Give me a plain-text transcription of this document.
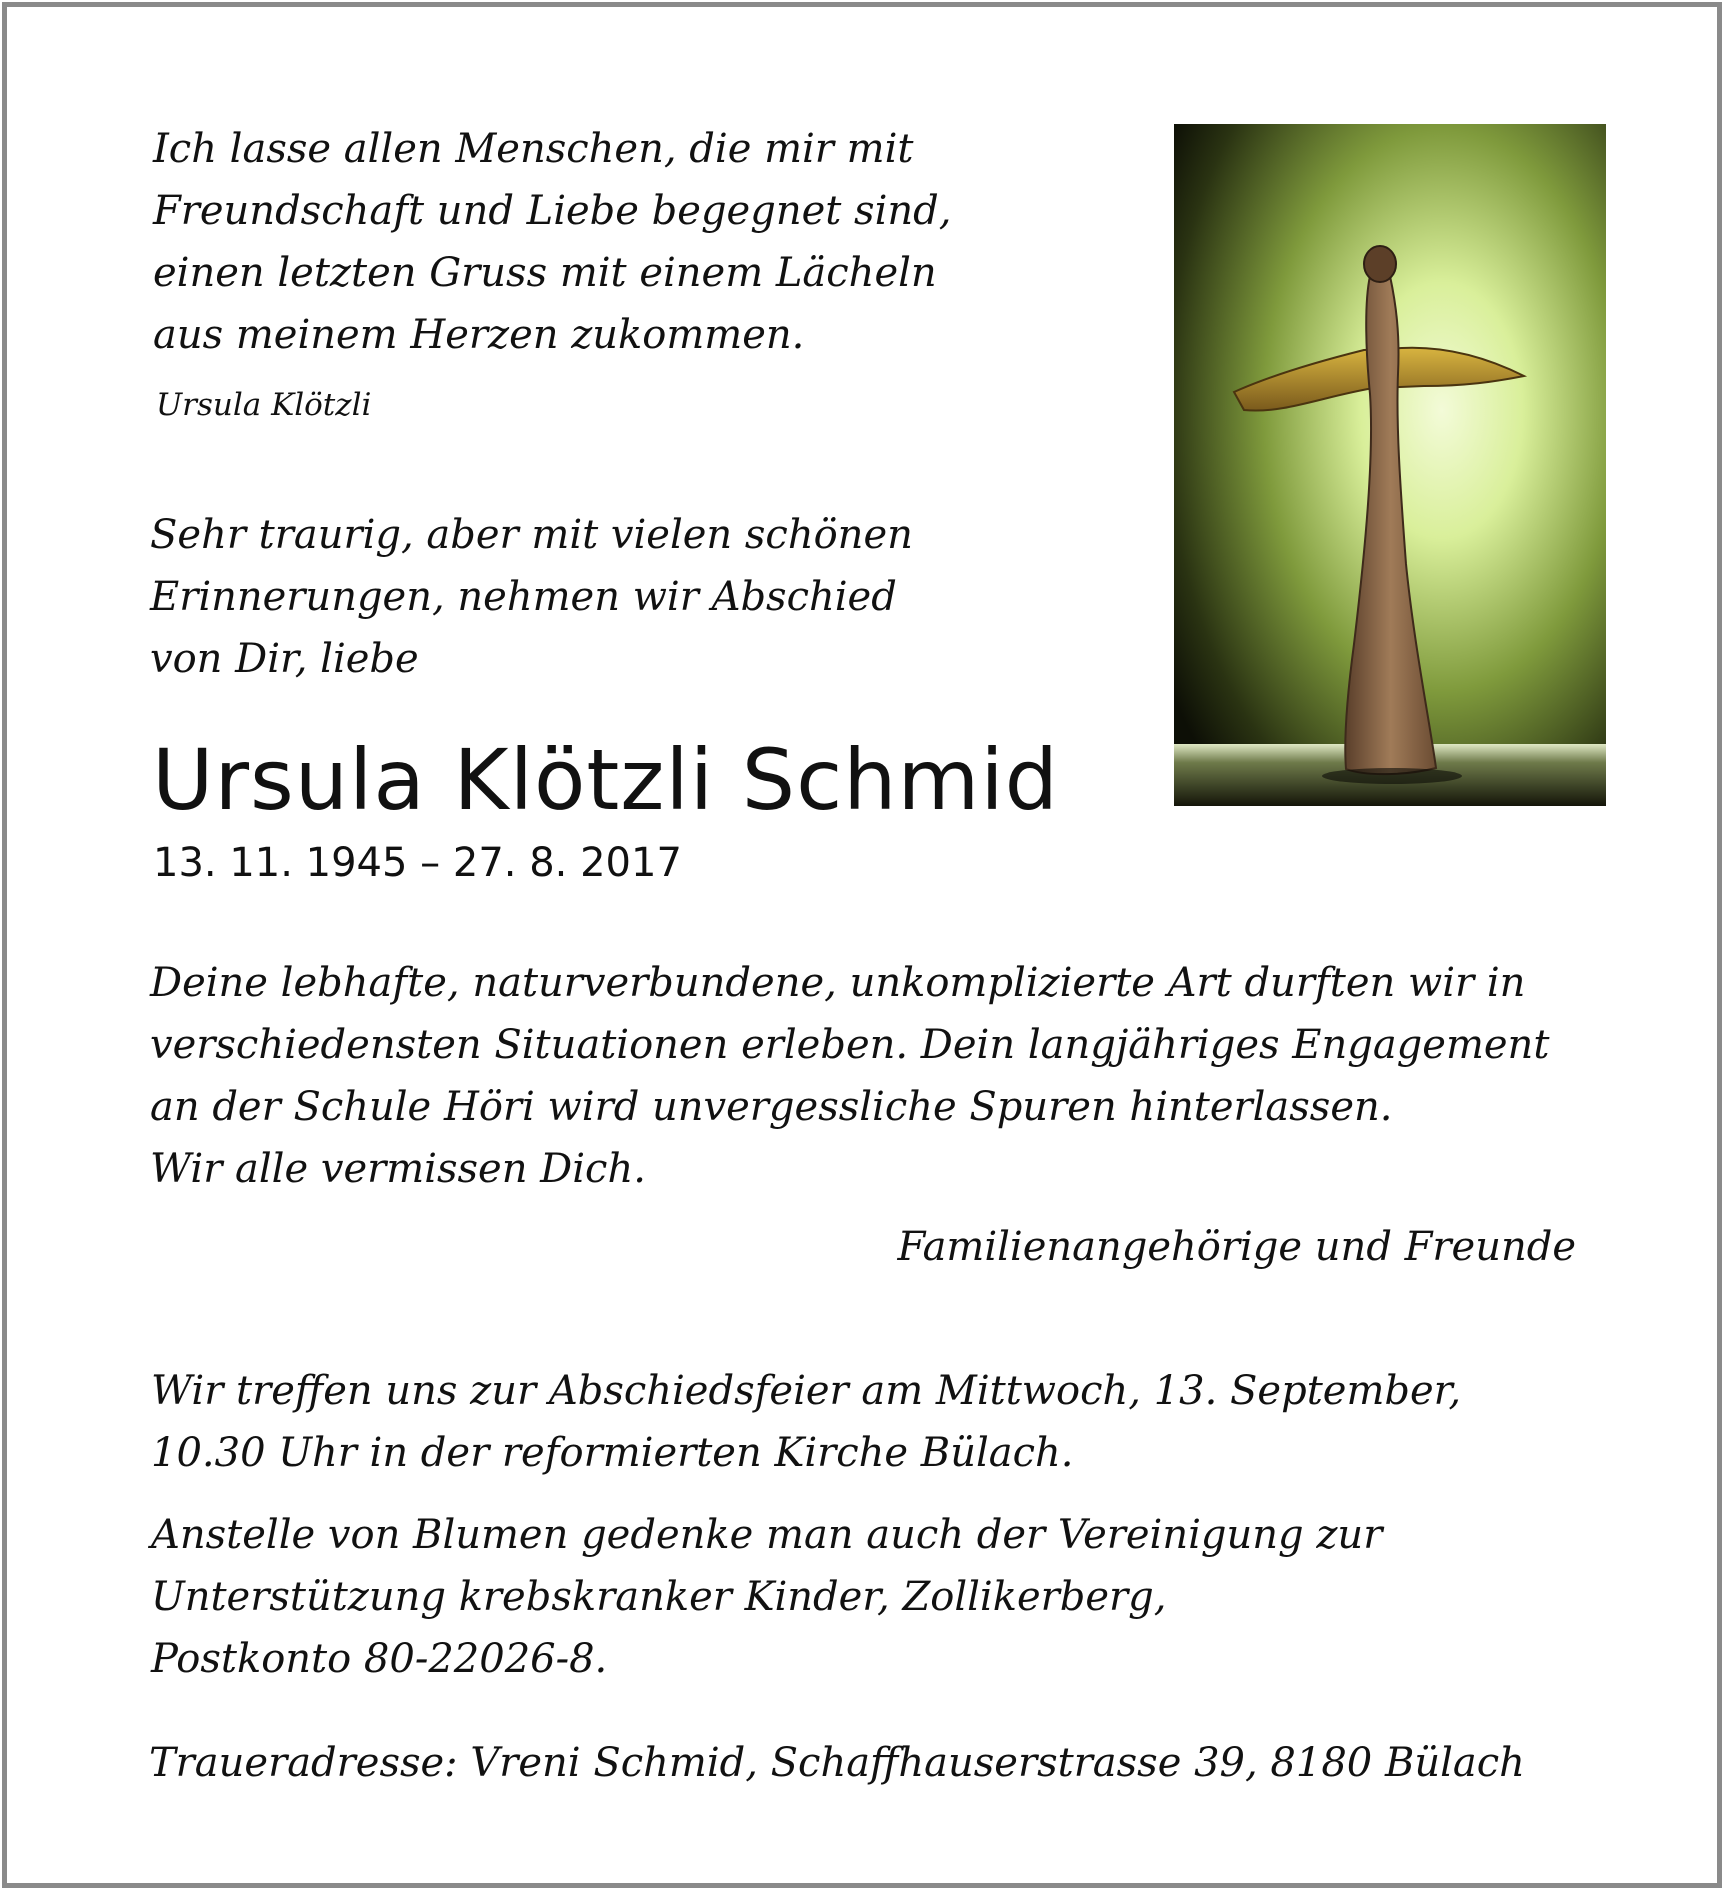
Ich lasse allen Menschen, die mir mit
Freundschaft und Liebe begegnet sind,
einen letzten Gruss mit einem Lächeln
aus meinem Herzen zukommen.
Ursula Klötzli
Sehr traurig, aber mit vielen schönen
Erinnerungen, nehmen wir Abschied
von Dir, liebe
Ursula Klötzli Schmid
13. 11. 1945 – 27. 8. 2017
Deine lebhafte, naturverbundene, unkomplizierte Art durften wir in
verschiedensten Situationen erleben. Dein langjähriges Engagement
an der Schule Höri wird unvergessliche Spuren hinterlassen.
Wir alle vermissen Dich.
Familienangehörige und Freunde
Wir treffen uns zur Abschiedsfeier am Mittwoch, 13. September,
10.30 Uhr in der reformierten Kirche Bülach.
Anstelle von Blumen gedenke man auch der Vereinigung zur
Unterstützung krebskranker Kinder, Zollikerberg,
Postkonto 80-22026-8.
Traueradresse: Vreni Schmid, Schaffhauserstrasse 39, 8180 Bülach
